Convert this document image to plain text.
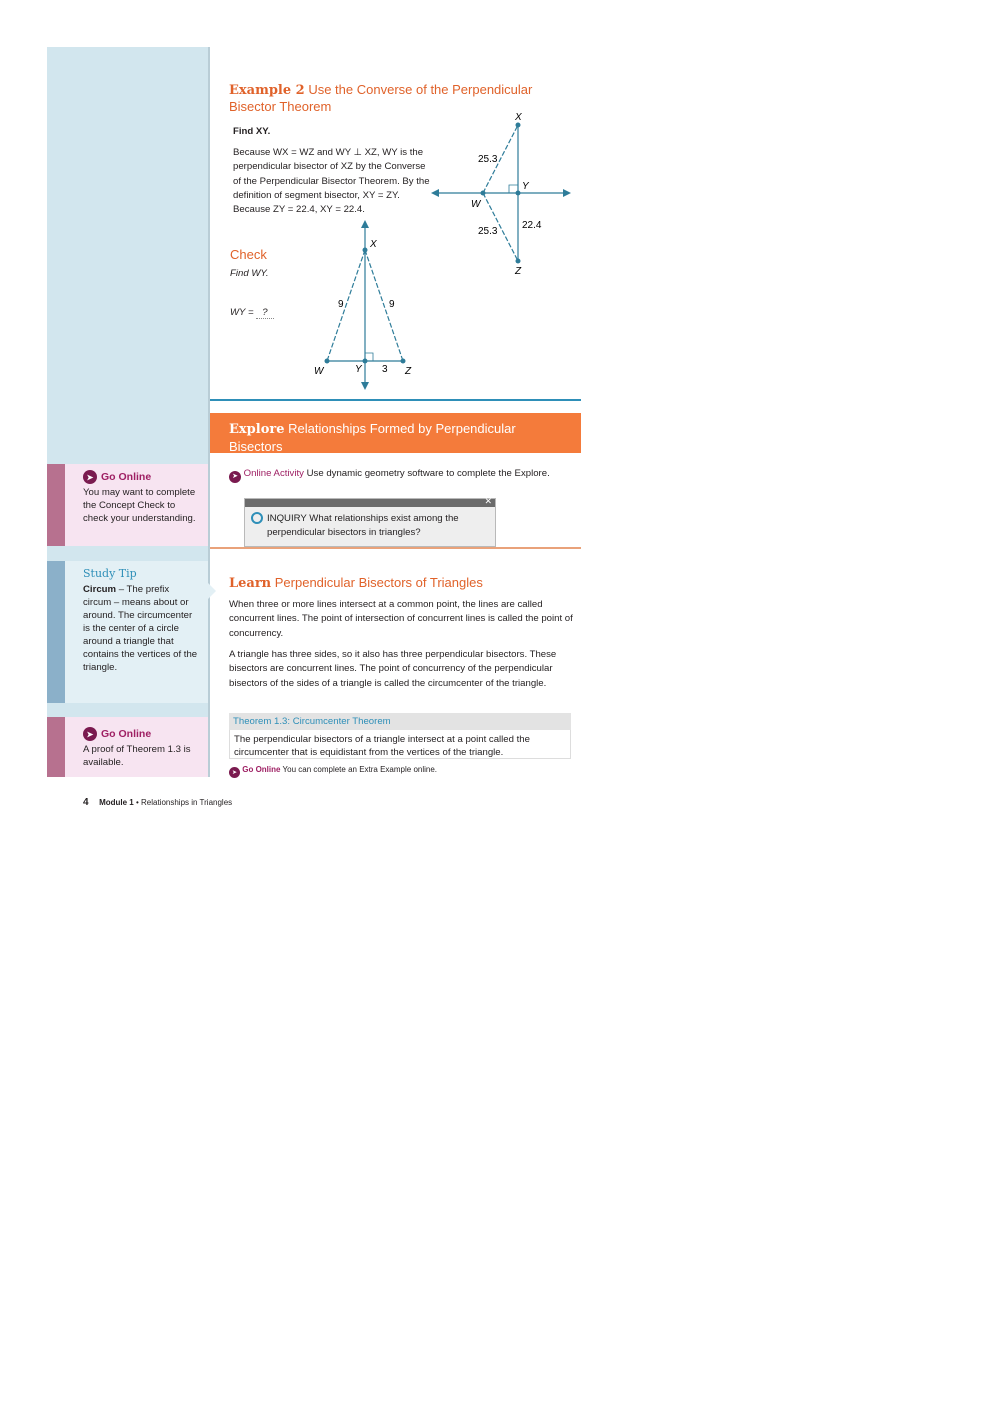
➤ Go Online
You may want to complete the Concept Check to check your understanding.
Study Tip
Circum – The prefix circum – means about or around. The circumcenter is the center of a circle around a triangle that contains the vertices of the triangle.
➤ Go Online
A proof of Theorem 1.3 is available.
Example 2 Use the Converse of the Perpendicular Bisector Theorem
Find XY.
Because WX = WZ and WY ⊥ XZ, WY is the perpendicular bisector of XZ by the Converse of the Perpendicular Bisector Theorem. By the definition of segment bisector, XY = ZY. Because ZY = 22.4, XY = 22.4.
X
Y
W
Z
25.3
25.3
22.4
Check
Find WY.
WY = ?
X
W	Y	Z
9	9
3
Explore Relationships Formed by Perpendicular Bisectors
➤ Online Activity Use dynamic geometry software to complete the Explore.
✕
INQUIRY What relationships exist among the perpendicular bisectors in triangles?
Learn Perpendicular Bisectors of Triangles
When three or more lines intersect at a common point, the lines are called concurrent lines. The point of intersection of concurrent lines is called the point of concurrency.
A triangle has three sides, so it also has three perpendicular bisectors. These bisectors are concurrent lines. The point of concurrency of the perpendicular bisectors of the sides of a triangle is called the circumcenter of the triangle.
Theorem 1.3: Circumcenter Theorem
The perpendicular bisectors of a triangle intersect at a point called the circumcenter that is equidistant from the vertices of the triangle.
➤ Go Online You can complete an Extra Example online.
4 Module 1 • Relationships in Triangles
